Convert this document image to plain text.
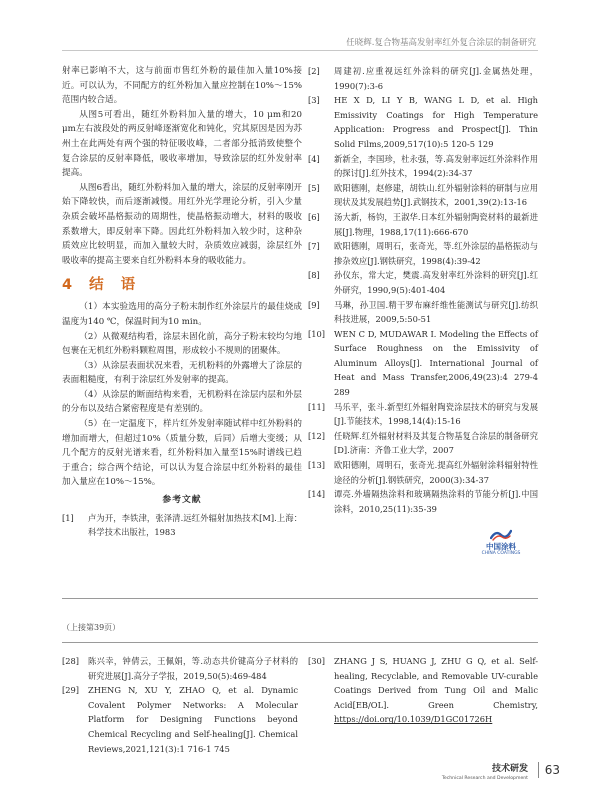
任晓辉.复合物基高发射率红外复合涂层的制备研究

射率已影响不大，这与前面市售红外粉的最佳加入量10%接近。可以认为，不同配方的红外粉加入量应控制在10%～15%范围内较合适。

从图5可看出，随红外粉料加入量的增大，10 μm和20 μm左右波段处的两反射峰逐渐宽化和钝化，究其原因是因为苏州土在此两处有两个强的特征吸收峰，二者部分抵消致使整个复合涂层的反射率降低，吸收率增加，导致涂层的红外发射率提高。

从图6看出，随红外粉料加入量的增大，涂层的反射率刚开始下降较快，而后逐渐减慢。用红外光学理论分析，引入少量杂质会破坏晶格振动的周期性，使晶格振动增大，材料的吸收系数增大，即反射率下降。因此红外粉料加入较少时，这种杂质效应比较明显，而加入量较大时，杂质效应减弱，涂层红外吸收率的提高主要来自红外粉料本身的吸收能力。

4 结 语

（1）本实验选用的高分子粉末制作红外涂层片的最佳烧成温度为140 ℃，保温时间为10 min。

（2）从微观结构看，涂层未固化前，高分子粉末较均匀地包裹在无机红外粉料颗粒周围，形成较小不规则的团聚体。

（3）从涂层表面状况来看，无机粉料的外露增大了涂层的表面粗糙度，有利于涂层红外发射率的提高。

（4）从涂层的断面结构来看，无机粉料在涂层内层和外层的分布以及结合紧密程度是有差别的。

（5）在一定温度下，样片红外发射率随试样中红外粉料的增加而增大，但超过10%（质量分数，后同）后增大变缓；从几个配方的反射光谱来看，红外粉料加入量至15%时谱线已趋于重合；综合两个结论，可以认为复合涂层中红外粉料的最佳加入量应在10%～15%。

参考文献
[1]	卢为开，李铁津，张泽清.远红外辐射加热技术[M].上海：科学技术出版社，1983
[2]	周建初.应重视远红外涂料的研究[J].金属热处理，1990(7):3-6
[3]	HE X D, LI Y B, WANG L D, et al. High Emissivity Coatings for High Temperature Application: Progress and Prospect[J]. Thin Solid Films,2009,517(10):5 120-5 129
[4]	新新全，李国珍，杜永强，等.高发射率远红外涂料作用的探讨[J].红外技术，1994(2):34-37
[5]	欧阳德刚，赵修建，胡铁山.红外辐射涂料的研制与应用现状及其发展趋势[J].武钢技术，2001,39(2):13-16
[6]	汤大新，杨钧，王淑华.日本红外辐射陶瓷材料的最新进展[J].物理，1988,17(11):666-670
[7]	欧阳德刚，周明石，张奇光，等.红外涂层的晶格振动与掺杂效应[J].钢铁研究，1998(4):39-42
[8]	孙仪东，常大定，樊震.高发射率红外涂料的研究[J].红外研究，1990,9(5):401-404
[9]	马琳，孙卫国.精干罗布麻纤维性能测试与研究[J].纺织科技进展，2009,5:50-51
[10]	WEN C D, MUDAWAR I. Modeling the Effects of Surface Roughness on the Emissivity of Aluminum Alloys[J]. International Journal of Heat and Mass Transfer,2006,49(23):4 279-4 289
[11]	马乐平，张斗.新型红外辐射陶瓷涂层技术的研究与发展[J].节能技术，1998,14(4):15-16
[12]	任晓辉.红外辐射材料及其复合物基复合涂层的制备研究[D].济南：齐鲁工业大学，2007
[13]	欧阳德刚，周明石，张奇光.提高红外辐射涂料辐射特性途径的分析[J].钢铁研究，2000(3):34-37
[14]	谭亮.外墙隔热涂料和玻璃隔热涂料的节能分析[J].中国涂料，2010,25(11):35-39
中国涂料
CHINA COATINGS
（上接第39页）
[28]	陈兴幸，钟倩云，王佩娟，等.动态共价键高分子材料的研究进展[J].高分子学报，2019,50(5):469-484
[29]	ZHENG N, XU Y, ZHAO Q, et al. Dynamic Covalent Polymer Networks: A Molecular Platform for Designing Functions beyond Chemical Recycling and Self-healing[J]. Chemical Reviews,2021,121(3):1 716-1 745
[30]	ZHANG J S, HUANG J, ZHU G Q, et al. Self-healing, Recyclable, and Removable UV-curable Coatings Derived from Tung Oil and Malic Acid[EB/OL]. Green Chemistry, https://doi.org/10.1039/D1GC01726H
技术研发
Technical Research and Development
63
